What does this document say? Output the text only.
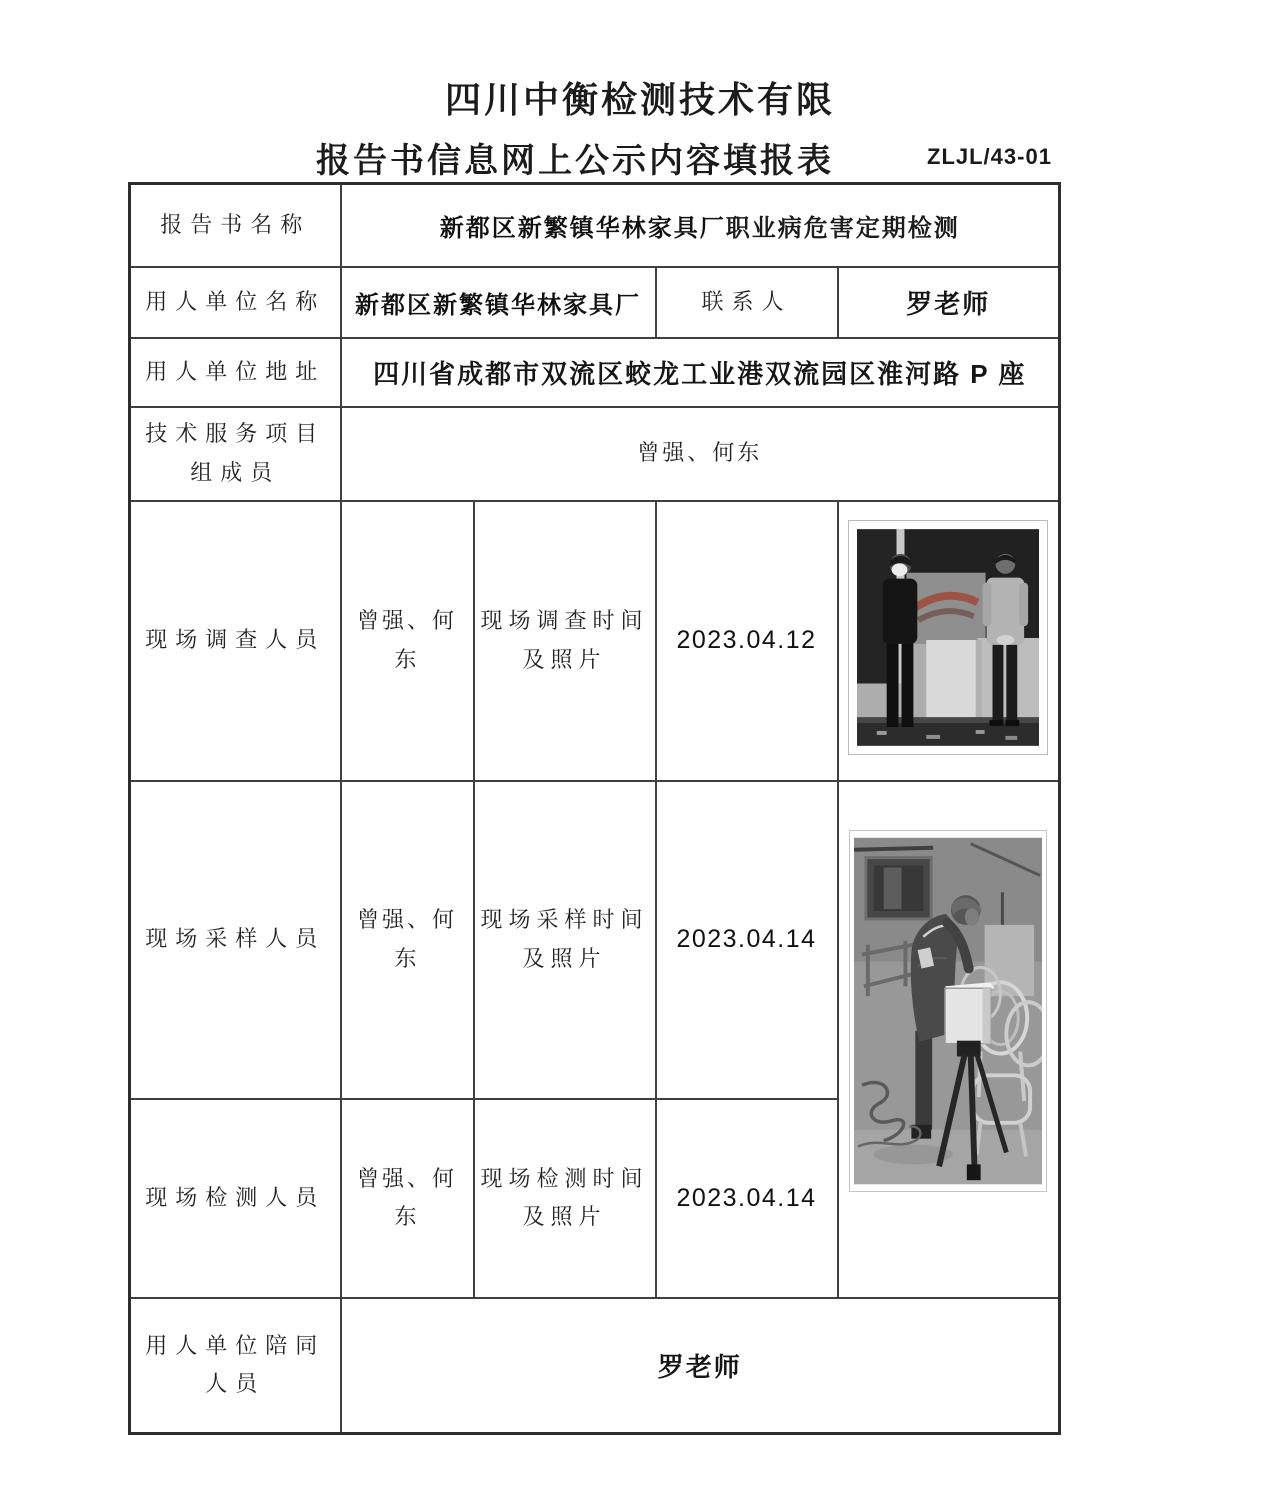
四川中衡检测技术有限
报告书信息网上公示内容填报表	ZLJL/43-01
报告书名称	新都区新繁镇华林家具厂职业病危害定期检测			
用人单位名称	新都区新繁镇华林家具厂		联系人	罗老师
用人单位地址	四川省成都市双流区蛟龙工业港双流园区淮河路 P 座			
技术服务项目组成员	曾强、何东			
现场调查人员	曾强、何东	现场调查时间及照片	2023.04.12	

现场采样人员	曾强、何东	现场采样时间及照片	2023.04.14	

现场检测人员	曾强、何东	现场检测时间及照片	2023.04.14	
用人单位陪同人员	罗老师			
